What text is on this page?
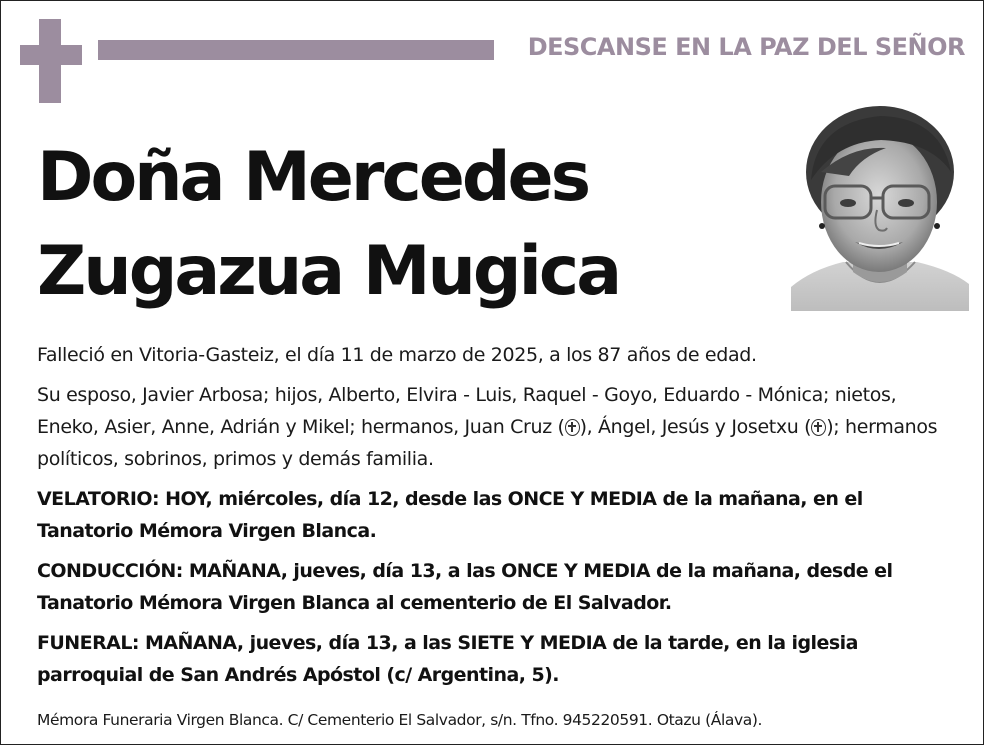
DESCANSE EN LA PAZ DEL SEÑOR
Doña Mercedes
Zugazua Mugica

Falleció en Vitoria-Gasteiz, el día 11 de marzo de 2025, a los 87 años de edad.

Su esposo, Javier Arbosa; hijos, Alberto, Elvira - Luis, Raquel - Goyo, Eduardo - Mónica; nietos, Eneko, Asier, Anne, Adrián y Mikel; hermanos, Juan Cruz ( ), Ángel, Jesús y Josetxu ( ); hermanos políticos, sobrinos, primos y demás familia.

VELATORIO: HOY, miércoles, día 12, desde las ONCE Y MEDIA de la mañana, en el Tanatorio Mémora Virgen Blanca.

CONDUCCIÓN: MAÑANA, jueves, día 13, a las ONCE Y MEDIA de la mañana, desde el Tanatorio Mémora Virgen Blanca al cementerio de El Salvador.

FUNERAL: MAÑANA, jueves, día 13, a las SIETE Y MEDIA de la tarde, en la iglesia parroquial de San Andrés Apóstol (c/ Argentina, 5).

Mémora Funeraria Virgen Blanca. C/ Cementerio El Salvador, s/n. Tfno. 945220591. Otazu (Álava).
